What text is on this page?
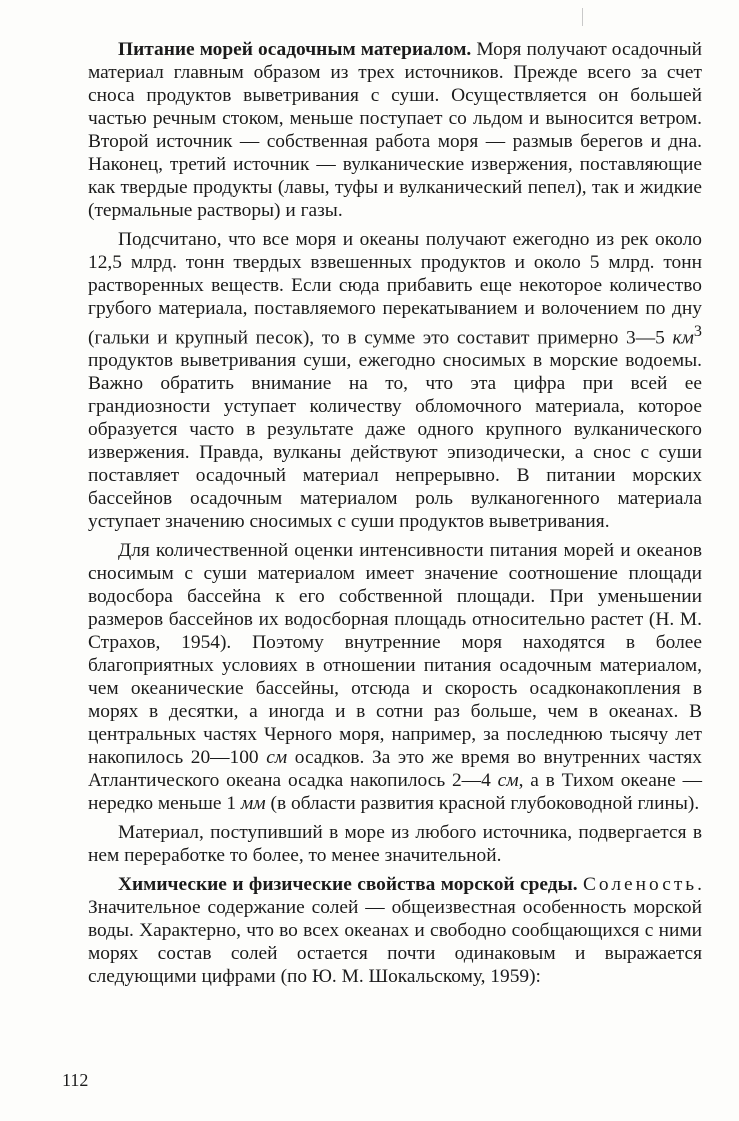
Питание морей осадочным материалом. Моря получают осадочный материал главным образом из трех источников. Прежде всего за счет сноса продуктов выветривания с суши. Осуществляется он большей частью речным стоком, меньше поступает со льдом и выносится ветром. Второй источник — собственная работа моря — размыв берегов и дна. Наконец, третий источник — вулканические извержения, поставляющие как твердые продукты (лавы, туфы и вулканический пепел), так и жидкие (термальные растворы) и газы.

Подсчитано, что все моря и океаны получают ежегодно из рек около 12,5 млрд. тонн твердых взвешенных продуктов и около 5 млрд. тонн растворенных веществ. Если сюда прибавить еще некоторое количество грубого материала, поставляемого перекатыванием и волочением по дну (гальки и крупный песок), то в сумме это составит примерно 3—5 $км^3$ продуктов выветривания суши, ежегодно сносимых в морские водоемы. Важно обратить внимание на то, что эта цифра при всей ее грандиозности уступает количеству обломочного материала, которое образуется часто в результате даже одного крупного вулканического извержения. Правда, вулканы действуют эпизодически, а снос с суши поставляет осадочный материал непрерывно. В питании морских бассейнов осадочным материалом роль вулканогенного материала уступает значению сносимых с суши продуктов выветривания.

Для количественной оценки интенсивности питания морей и океанов сносимым с суши материалом имеет значение соотношение площади водосбора бассейна к его собственной площади. При уменьшении размеров бассейнов их водосборная площадь относительно растет (Н. М. Страхов, 1954). Поэтому внутренние моря находятся в более благоприятных условиях в отношении питания осадочным материалом, чем океанические бассейны, отсюда и скорость осадконакопления в морях в десятки, а иногда и в сотни раз больше, чем в океанах. В центральных частях Черного моря, например, за последнюю тысячу лет накопилось 20—100 см осадков. За это же время во внутренних частях Атлантического океана осадка накопилось 2—4 см, а в Тихом океане — нередко меньше 1 мм (в области развития красной глубоководной глины).

Материал, поступивший в море из любого источника, подвергается в нем переработке то более, то менее значительной.

Химические и физические свойства морской среды. Соленость. Значительное содержание солей — общеизвестная особенность морской воды. Характерно, что во всех океанах и свободно сообщающихся с ними морях состав солей остается почти одинаковым и выражается следующими цифрами (по Ю. М. Шокальскому, 1959):

112
